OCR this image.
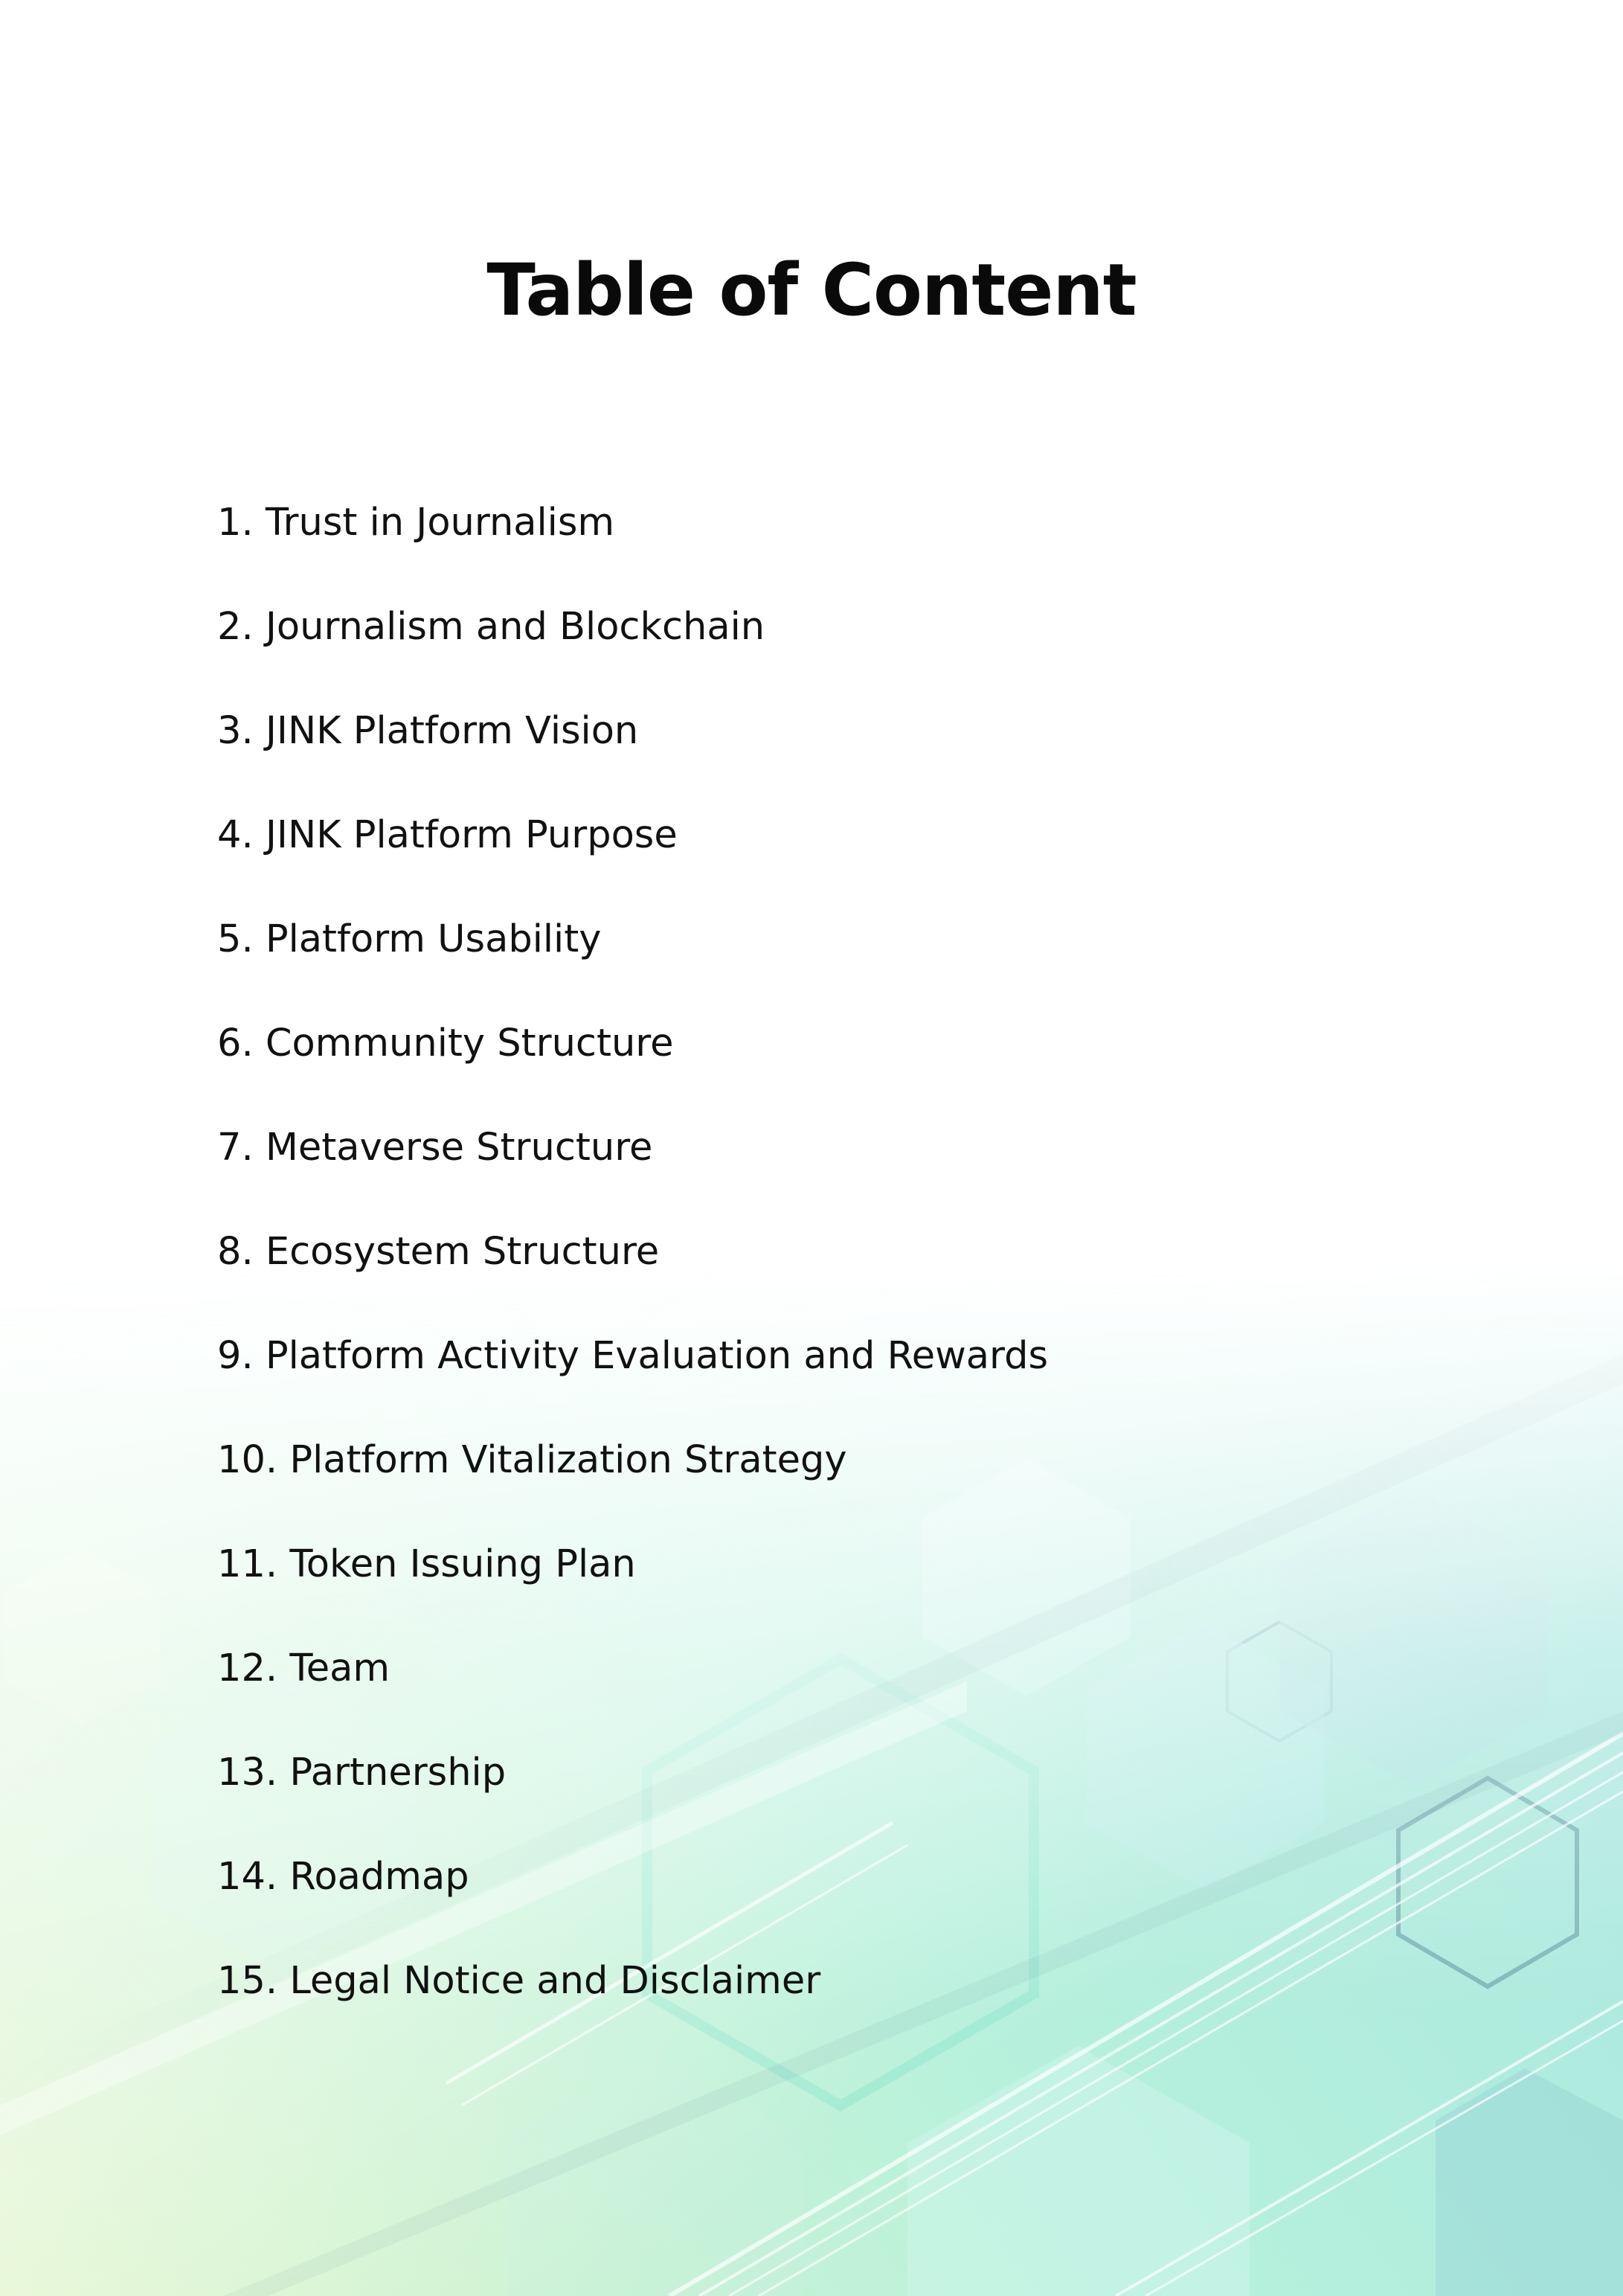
Table of Content
1. Trust in Journalism
2. Journalism and Blockchain
3. JINK Platform Vision
4. JINK Platform Purpose
5. Platform Usability
6. Community Structure
7. Metaverse Structure
8. Ecosystem Structure
9. Platform Activity Evaluation and Rewards
10. Platform Vitalization Strategy
11. Token Issuing Plan
12. Team
13. Partnership
14. Roadmap
15. Legal Notice and Disclaimer
